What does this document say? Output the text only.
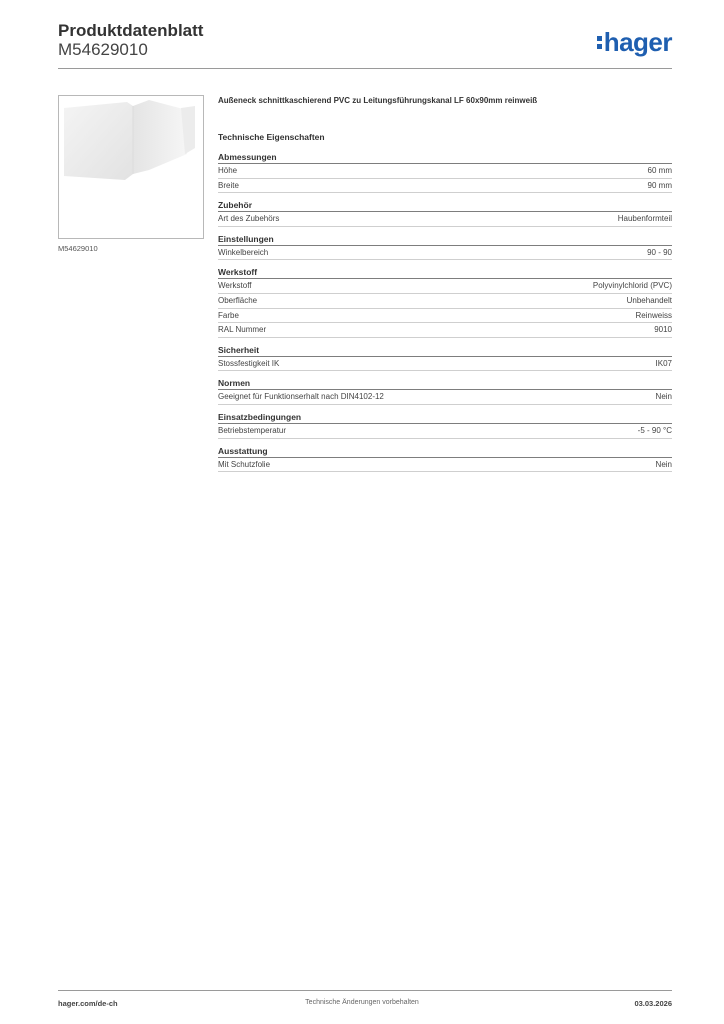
Produktdatenblatt
M54629010	hager
M54629010
Außeneck schnittkaschierend PVC zu Leitungsführungskanal LF 60x90mm reinweiß
Technische Eigenschaften
Abmessungen
Höhe	60 mm
Breite	90 mm
Zubehör
Art des Zubehörs	Haubenformteil
Einstellungen
Winkelbereich	90 - 90
Werkstoff
Werkstoff	Polyvinylchlorid (PVC)
Oberfläche	Unbehandelt
Farbe	Reinweiss
RAL Nummer	9010
Sicherheit
Stossfestigkeit IK	IK07
Normen
Geeignet für Funktionserhalt nach DIN4102-12	Nein
Einsatzbedingungen
Betriebstemperatur	-5 - 90 °C
Ausstattung
Mit Schutzfolie	Nein
hager.com/de-ch	Technische Änderungen vorbehalten	03.03.2026
